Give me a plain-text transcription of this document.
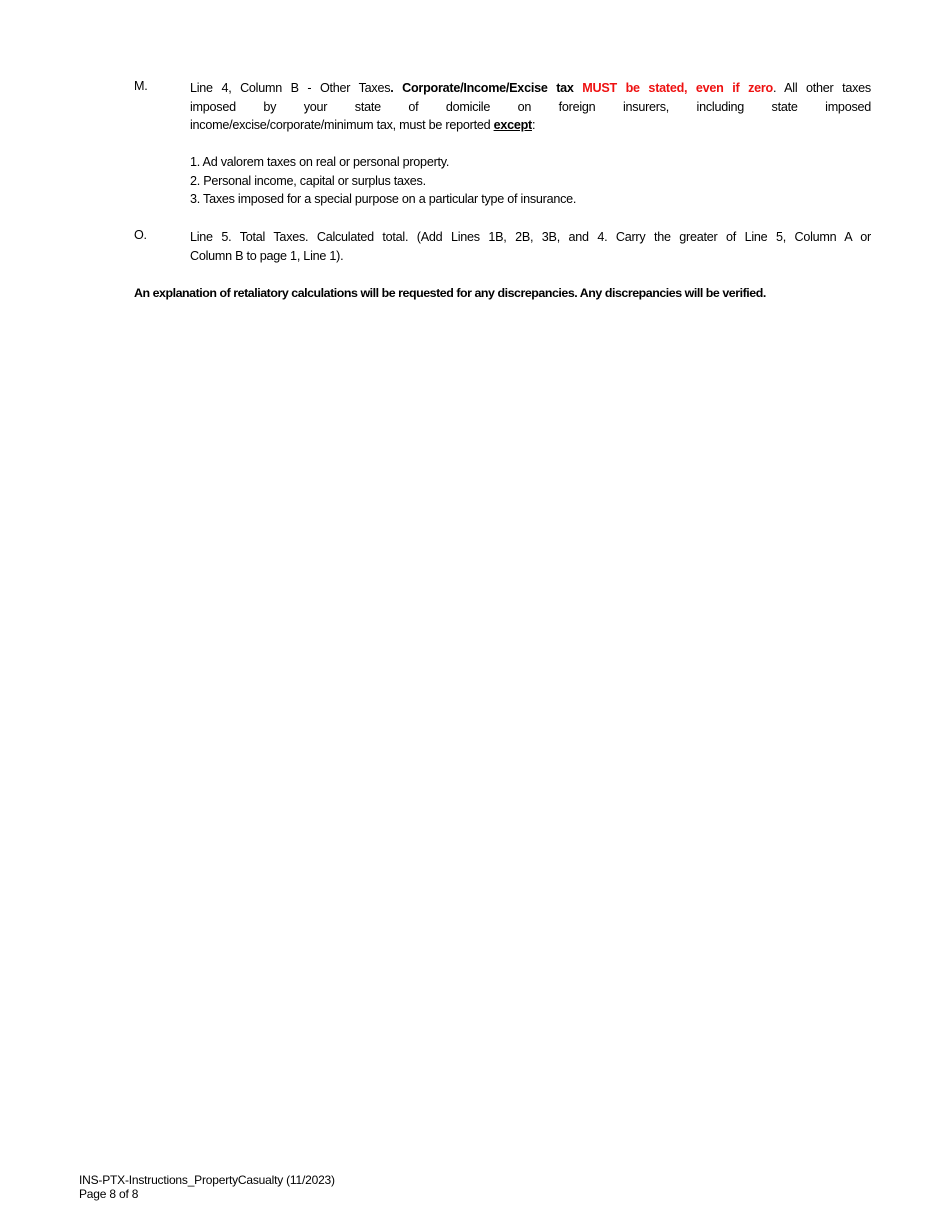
M.	Line 4, Column B - Other Taxes. Corporate/Income/Excise tax MUST be stated, even if zero. All other taxes
imposed by your state of domicile on foreign insurers, including state imposed
income/excise/corporate/minimum tax, must be reported except:
1. Ad valorem taxes on real or personal property.
2. Personal income, capital or surplus taxes.
3. Taxes imposed for a special purpose on a particular type of insurance.
O.	Line 5. Total Taxes. Calculated total. (Add Lines 1B, 2B, 3B, and 4. Carry the greater of Line 5, Column A or
Column B to page 1, Line 1).
An explanation of retaliatory calculations will be requested for any discrepancies. Any discrepancies will be verified.
INS-PTX-Instructions_PropertyCasualty (11/2023)
Page 8 of 8
